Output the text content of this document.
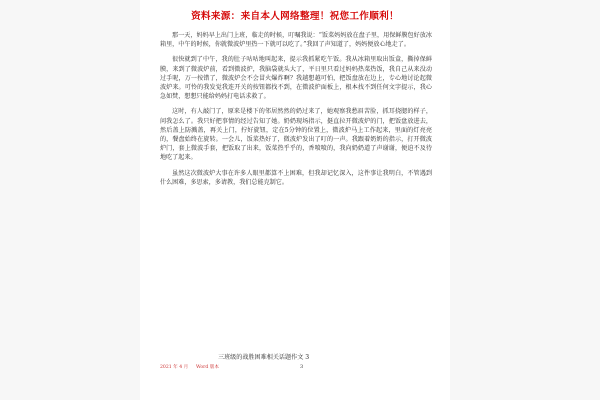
资料来源：来自本人网络整理！祝您工作顺利！

那一天，妈妈早上出门上班，临走的时候，叮嘱我说：“饭菜妈妈放在盘子里，用保鲜膜包好放冰箱里，中午的时候，你就微波炉里热一下就可以吃了。”我回了声知道了，妈妈便放心地走了。

很快就到了中午，我的肚子咕咕地叫起来，提示我抓紧吃午饭。我从冰箱里取出饭盒，撕掉保鲜膜，来到了微波炉前，看到微波炉，我脑袋就头大了，平日里只看过妈妈热菜热饭，我自己从来没动过手呢，万一按错了，微波炉会不会冒火爆炸啊？我越想越可怕，把饭盘放在边上，专心地讨论起微波炉来。可怜的我发觉我连开关的按钮都找不到，在微波炉面板上，根本找不到任何文字提示，我心急如焚，想想只能给妈妈打电话求救了。

这时，有人敲门了，原来是楼下的邻居然然的奶过来了，她观察我愁眉苦脸，抓耳挠腮的样子，问我怎么了。我只好把事情的经过告知了她。奶奶现场指示，挺直拉开微波炉的门，把饭盘放进去，然后盖上防溅盖，再关上门，拧好旋钮，定在5分钟的位置上，微波炉马上工作起来，里面的灯亮亮的，餐盘始终在旋转。一会儿，饭菜热好了，微波炉发出了叮的一声。我跟着奶奶的指示，打开微波炉门，套上微波手套，把饭取了出来，饭菜热乎乎的，香喷喷的，我向奶奶道了声谢谢，便迫不及待地吃了起来。

虽然这次微波炉大事在许多人眼里都算不上困难，但我却记忆深入，这件事让我明白，不管遇到什么困难，多思索，多请教，我们总能克制它。

三班级的战胜困难相关话题作文 3
2021 年 4 月 Word 版本	3
